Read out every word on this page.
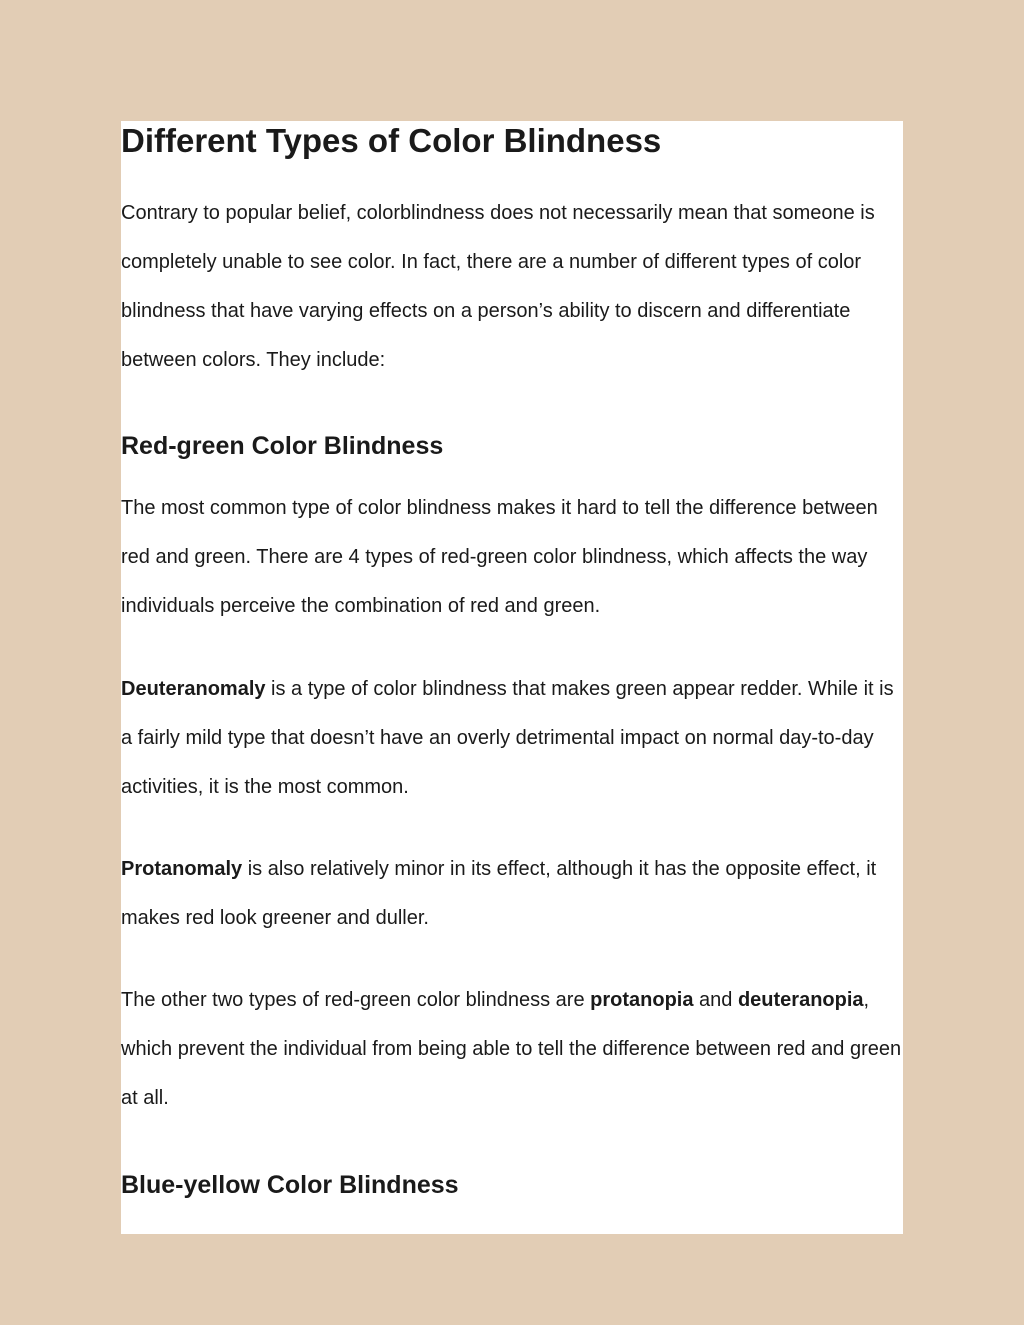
Different Types of Color Blindness

Contrary to popular belief, colorblindness does not necessarily mean that someone is completely unable to see color. In fact, there are a number of different types of color blindness that have varying effects on a person’s ability to discern and differentiate between colors. They include:

Red-green Color Blindness

The most common type of color blindness makes it hard to tell the difference between red and green. There are 4 types of red-green color blindness, which affects the way individuals perceive the combination of red and green.

Deuteranomaly is a type of color blindness that makes green appear redder. While it is a fairly mild type that doesn’t have an overly detrimental impact on normal day-to-day activities, it is the most common.

Protanomaly is also relatively minor in its effect, although it has the opposite effect, it makes red look greener and duller.

The other two types of red-green color blindness are protanopia and deuteranopia, which prevent the individual from being able to tell the difference between red and green at all.

Blue-yellow Color Blindness
